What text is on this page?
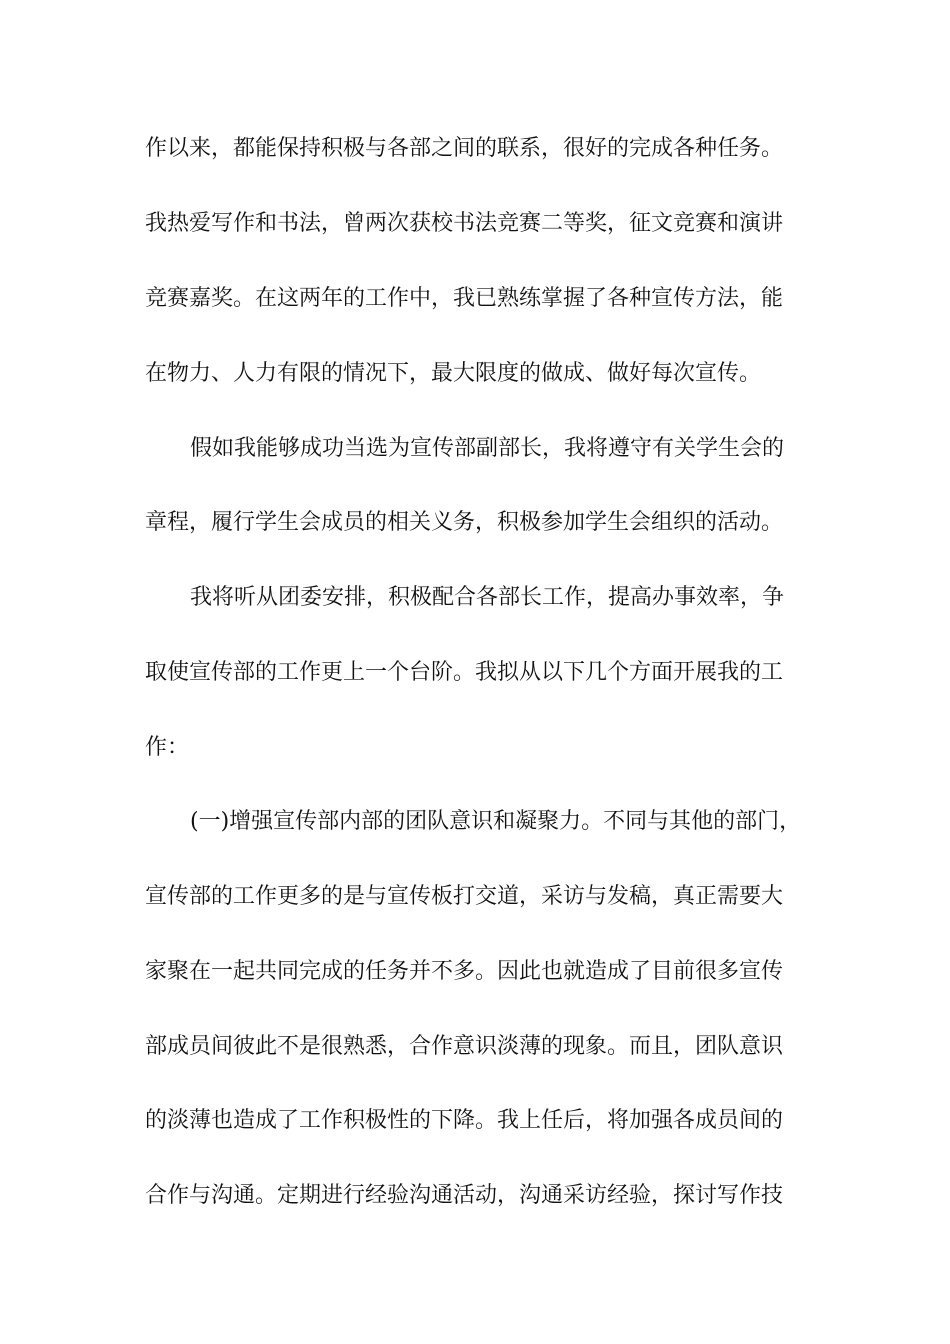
作以来，都能保持积极与各部之间的联系，很好的完成各种任务。
我热爱写作和书法，曾两次获校书法竞赛二等奖，征文竞赛和演讲
竞赛嘉奖。在这两年的工作中，我已熟练掌握了各种宣传方法，能
在物力、人力有限的情况下，最大限度的做成、做好每次宣传。
假如我能够成功当选为宣传部副部长，我将遵守有关学生会的
章程，履行学生会成员的相关义务，积极参加学生会组织的活动。
我将听从团委安排，积极配合各部长工作，提高办事效率，争
取使宣传部的工作更上一个台阶。我拟从以下几个方面开展我的工
作：
(一)增强宣传部内部的团队意识和凝聚力。不同与其他的部门，
宣传部的工作更多的是与宣传板打交道，采访与发稿，真正需要大
家聚在一起共同完成的任务并不多。因此也就造成了目前很多宣传
部成员间彼此不是很熟悉，合作意识淡薄的现象。而且，团队意识
的淡薄也造成了工作积极性的下降。我上任后，将加强各成员间的
合作与沟通。定期进行经验沟通活动，沟通采访经验，探讨写作技
